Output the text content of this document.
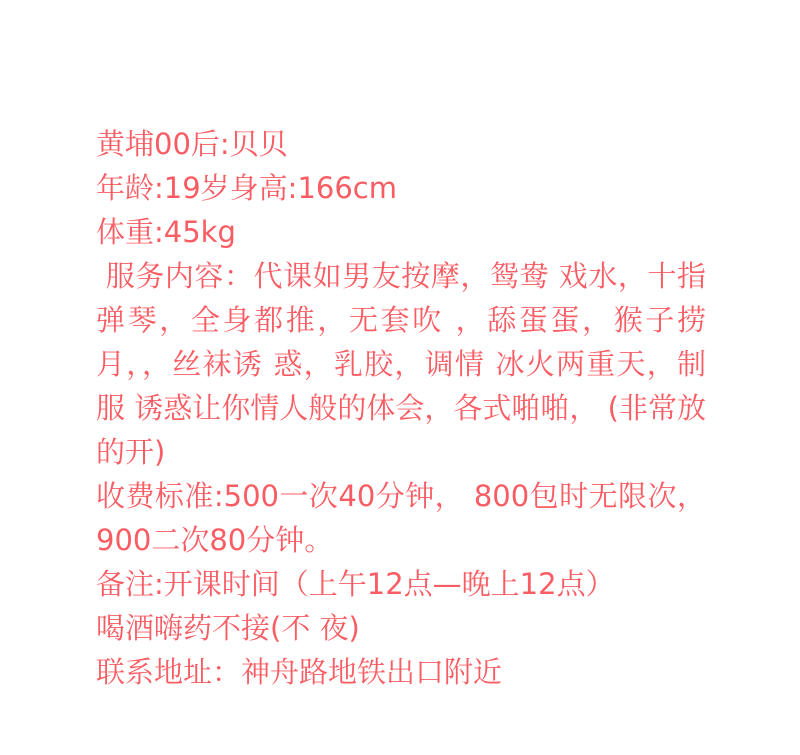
黄埔00后:贝贝
年龄:19岁身高:166cm
体重:45kg
服务内容：代课如男友按摩，鸳鸯 戏水，十指弹琴，全身都推，无套吹 ，舔蛋蛋，猴子捞月，，丝袜诱 惑，乳胶，调情 冰火两重天，制服 诱惑让你情人般的体会，各式啪啪， (非常放的开)
收费标准:500一次40分钟， 800包时无限次，900二次80分钟。
备注:开课时间（上午12点—晚上12点）
喝酒嗨药不接(不 夜)
联系地址：神舟路地铁出口附近
